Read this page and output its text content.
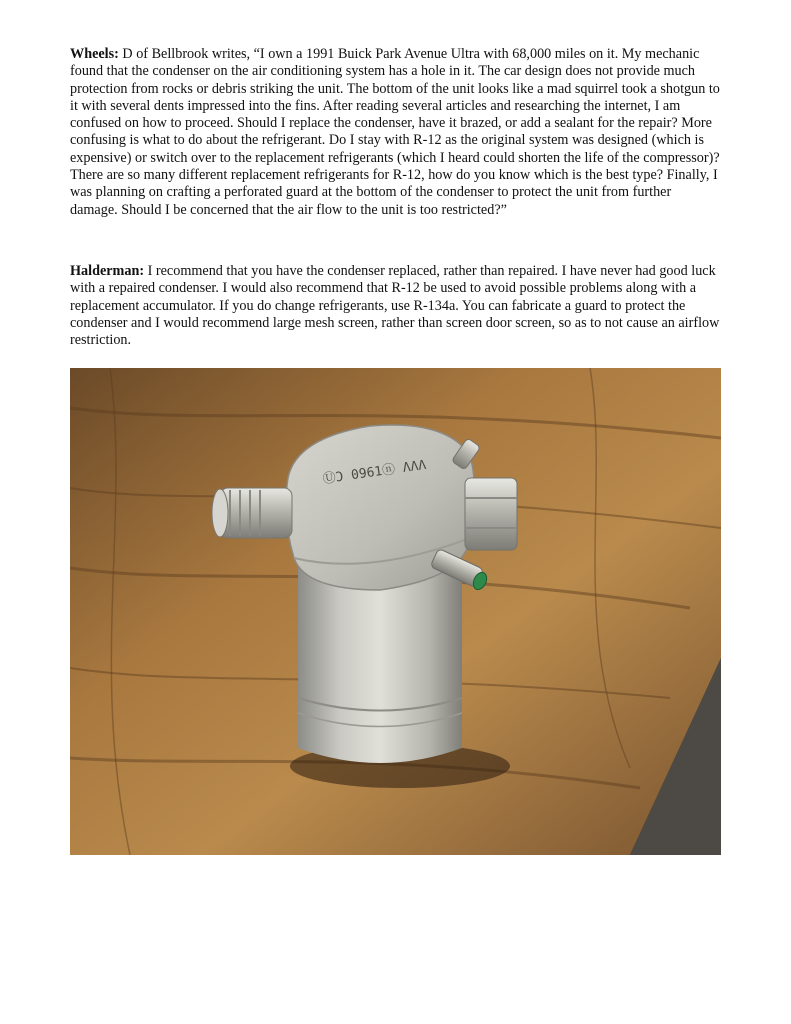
Wheels: D of Bellbrook writes, “I own a 1991 Buick Park Avenue Ultra with 68,000 miles on it. My mechanic found that the condenser on the air conditioning system has a hole in it. The car design does not provide much protection from rocks or debris striking the unit. The bottom of the unit looks like a mad squirrel took a shotgun to it with several dents impressed into the fins. After reading several articles and researching the internet, I am confused on how to proceed. Should I replace the condenser, have it brazed, or add a sealant for the repair? More confusing is what to do about the refrigerant. Do I stay with R-12 as the original system was designed (which is expensive) or switch over to the replacement refrigerants (which I heard could shorten the life of the compressor)? There are so many different replacement refrigerants for R-12, how do you know which is the best type? Finally, I was planning on crafting a perforated guard at the bottom of the condenser to protect the unit from further damage. Should I be concerned that the air flow to the unit is too restricted?”

Halderman: I recommend that you have the condenser replaced, rather than repaired. I have never had good luck with a repaired condenser. I would also recommend that R-12 be used to avoid possible problems along with a replacement accumulator. If you do change refrigerants, use R-134a. You can fabricate a guard to protect the condenser and I would recommend large mesh screen, rather than screen door screen, so as to not cause an airflow restriction.

ⓊƆ 0961ⓝ ΛΛΛ
